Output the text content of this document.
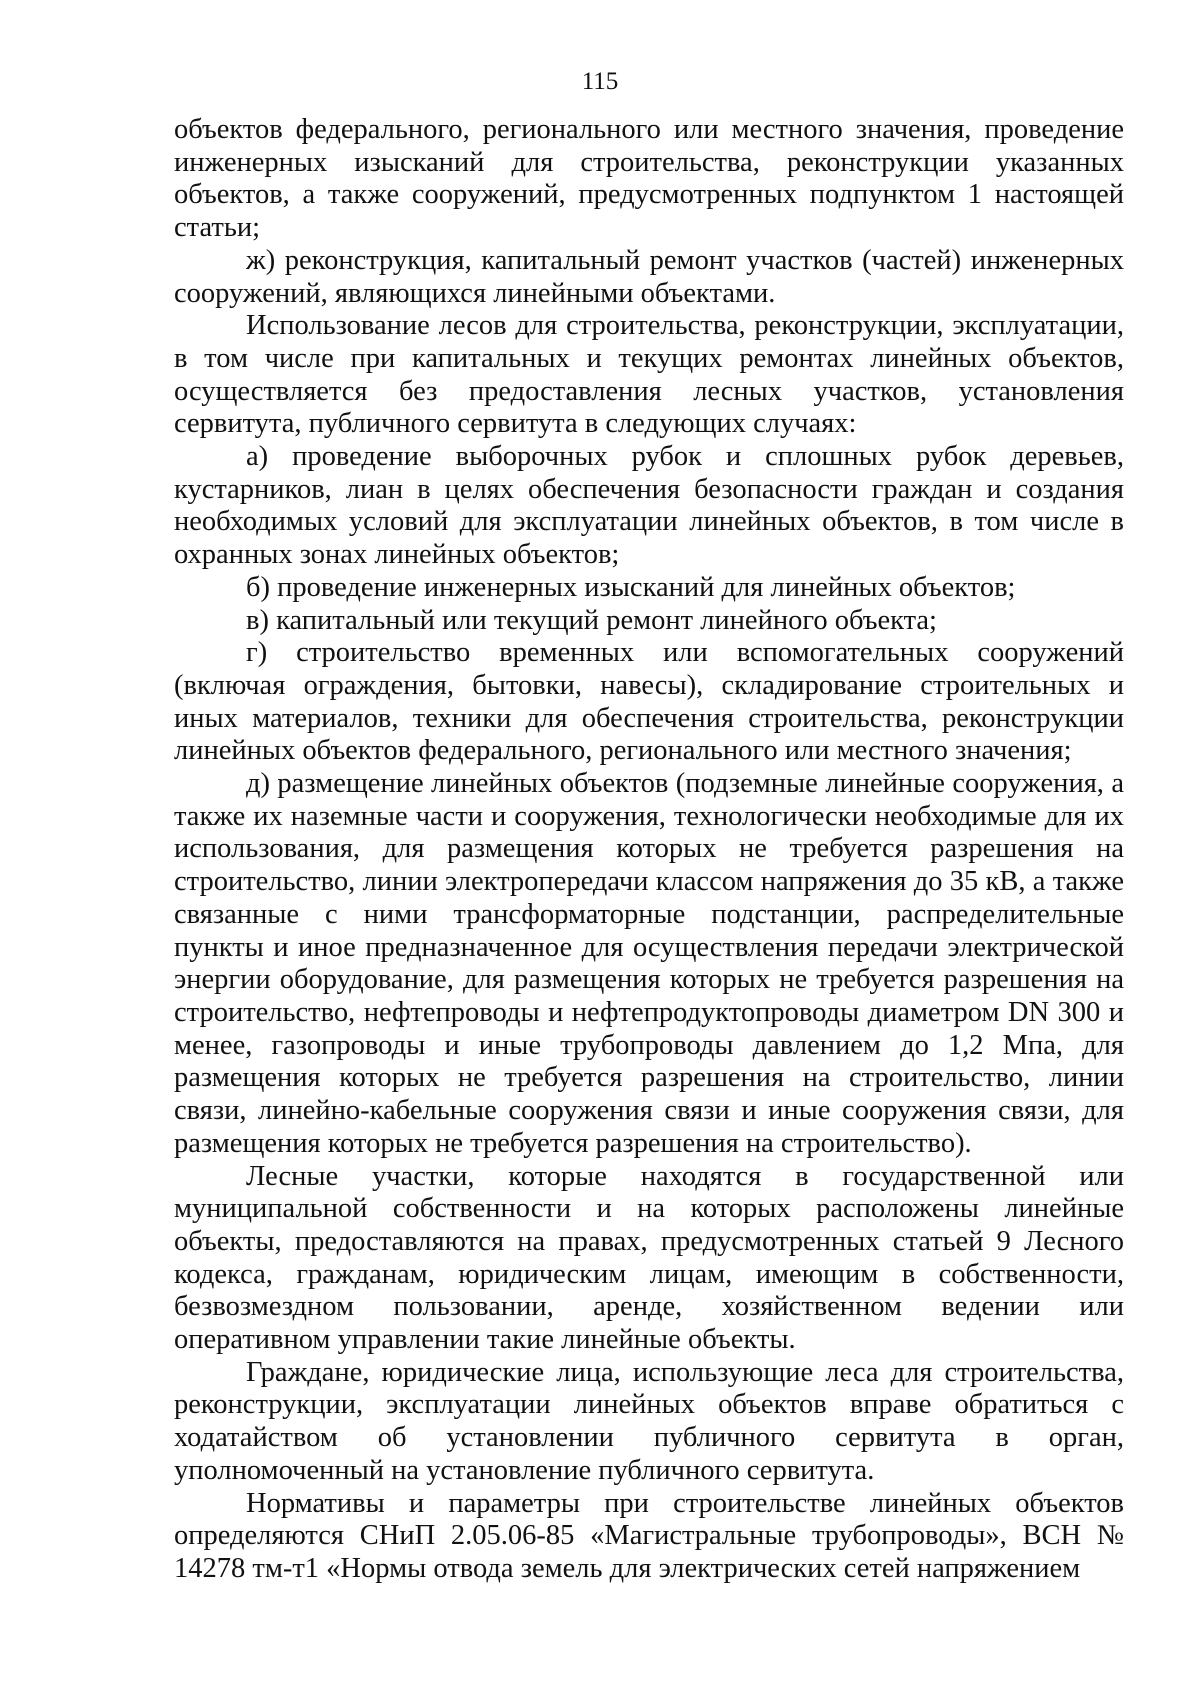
115

объектов федерального, регионального или местного значения, проведение инженерных изысканий для строительства, реконструкции указанных объектов, а также сооружений, предусмотренных подпунктом 1 настоящей статьи;

ж) реконструкция, капитальный ремонт участков (частей) инженерных сооружений, являющихся линейными объектами.

Использование лесов для строительства, реконструкции, эксплуатации, в том числе при капитальных и текущих ремонтах линейных объектов, осуществляется без предоставления лесных участков, установления сервитута, публичного сервитута в следующих случаях:

а) проведение выборочных рубок и сплошных рубок деревьев, кустарников, лиан в целях обеспечения безопасности граждан и создания необходимых условий для эксплуатации линейных объектов, в том числе в охранных зонах линейных объектов;

б) проведение инженерных изысканий для линейных объектов;

в) капитальный или текущий ремонт линейного объекта;

г) строительство временных или вспомогательных сооружений (включая ограждения, бытовки, навесы), складирование строительных и иных материалов, техники для обеспечения строительства, реконструкции линейных объектов федерального, регионального или местного значения;

д) размещение линейных объектов (подземные линейные сооружения, а также их наземные части и сооружения, технологически необходимые для их использования, для размещения которых не требуется разрешения на строительство, линии электропередачи классом напряжения до 35 кВ, а также связанные с ними трансформаторные подстанции, распределительные пункты и иное предназначенное для осуществления передачи электрической энергии оборудование, для размещения которых не требуется разрешения на строительство, нефтепроводы и нефтепродуктопроводы диаметром DN 300 и менее, газопроводы и иные трубопроводы давлением до 1,2 Мпа, для размещения которых не требуется разрешения на строительство, линии связи, линейно-кабельные сооружения связи и иные сооружения связи, для размещения которых не требуется разрешения на строительство).

Лесные участки, которые находятся в государственной или муниципальной собственности и на которых расположены линейные объекты, предоставляются на правах, предусмотренных статьей 9 Лесного кодекса, гражданам, юридическим лицам, имеющим в собственности, безвозмездном пользовании, аренде, хозяйственном ведении или оперативном управлении такие линейные объекты.

Граждане, юридические лица, использующие леса для строительства, реконструкции, эксплуатации линейных объектов вправе обратиться с ходатайством об установлении публичного сервитута в орган, уполномоченный на установление публичного сервитута.

Нормативы и параметры при строительстве линейных объектов определяются СНиП 2.05.06-85 «Магистральные трубопроводы», ВСН № 14278 тм-т1 «Нормы отвода земель для электрических сетей напряжением
